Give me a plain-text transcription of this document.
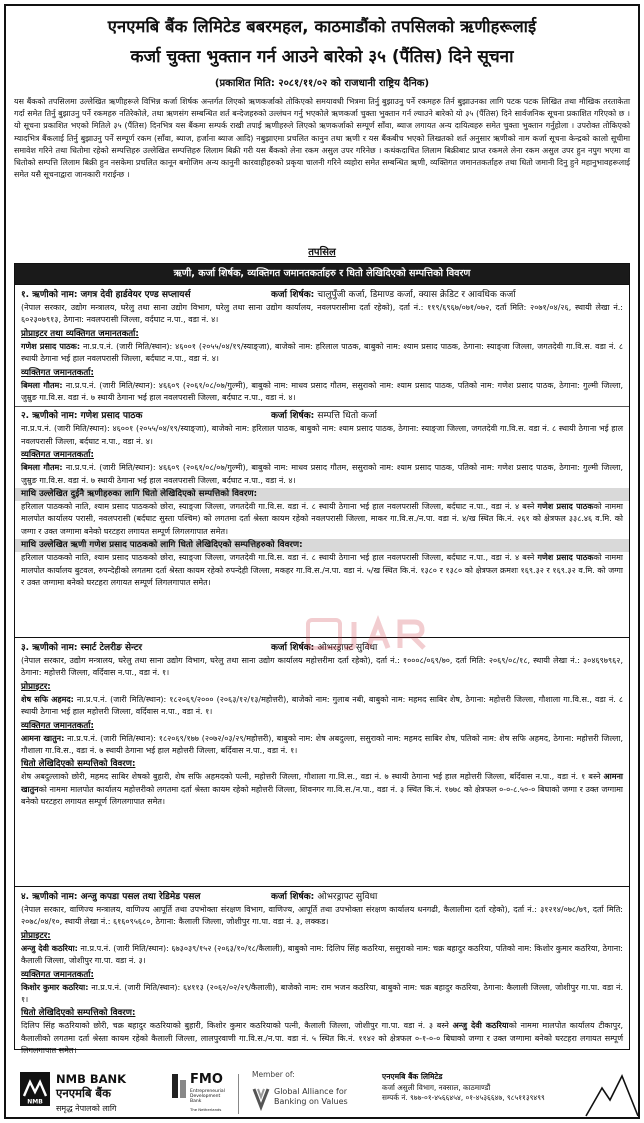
एनएमबि बैंक लिमिटेड बबरमहल, काठमाडौंको तपसिलको ऋणीहरूलाई
कर्जा चुक्ता भुक्तान गर्न आउने बारेको ३५ (पैंतिस) दिने सूचना
(प्रकाशित मिति: २०८१/११/०२ को राजधानी राष्ट्रिय दैनिक)
यस बैंकको तपसिलमा उल्लेखित ऋणीहरूले विभिन्न कर्जा शिर्षक अन्तर्गत लिएको ऋणकर्जाको तोकिएको समयावधी भित्रमा तिर्नु बुझाउनु पर्ने रकमहरु तिर्न बुझाउनका लागि पटक पटक लिखित तथा मौखिक तरताकेता गर्दा समेत तिर्नु बुझाउनु पर्ने रकमहरु नतिरेकोले, तथा ऋणसंग सम्बन्धित शर्त बन्देजहरुको उल्लंघन गर्नु भएकोले ऋणकर्जा चुक्ता भुक्तान गर्न ल्याउने बारेको यो ३५ (पैंतिस) दिने सार्वजनिक सूचना प्रकाशित गरिएको छ । यो सूचना प्रकाशित भएको मितिले ३५ (पैंतिस) दिनभित्र यस बैंकमा सम्पर्क राखी तपाई ऋणीहरुले लिएको ऋणकर्जाको सम्पूर्ण साँवा, ब्याज लगायत अन्य दायित्वहरु समेत चुक्ता भुक्तान गर्नुहोला । उपरोक्त तोकिएको म्यादभित्र बैंकलाई तिर्नु बुझाउनु पर्ने सम्पूर्ण रकम (साँवा, ब्याज, हर्जाना ब्याज आदि) नबुझाएमा प्रचलित कानुन तथा ऋणी र यस बैंकबीच भएको लिखतको शर्त अनुसार ऋणीको नाम कर्जा सूचना केन्द्रको कालो सूचीमा समावेश गरिने तथा धितोमा रहेको सम्पत्तिहरु उल्लेखित सम्पत्तिहरु लिलाम बिक्री गरी यस बैंकको लेना रकम असुल उपर गरिनेछ । कथंकदाचित लिलाम बिक्रीबाट प्राप्त रकमले लेना रकम असुल उपर हुन नपुग भएमा वा धितोको सम्पत्ति लिलाम बिक्री हुन नसकेमा प्रचलित कानून बमोजिम अन्य कानुनी कारवाहीहरुको प्रकृया चालनी गरिने व्यहोरा समेत सम्बन्धित ऋणी, व्यक्तिगत जमानतकर्ताहरु तथा धितो जमानी दिनु हुने महानुभावहरूलाई समेत यसै सूचनाद्वारा जानकारी गराईन्छ ।
तपसिल
ऋणी, कर्जा शिर्षक, व्यक्तिगत जमानतकर्ताहरु र धितो लेखिदिएको सम्पत्तिको विवरण
१. ऋणीको नाम: जगत्र देवी हार्डवेयर एण्ड सप्लायर्स	कर्जा शिर्षक: चालुपुँजी कर्जा, डिमाण्ड कर्जा, क्यास क्रेडिट र आवधिक कर्जा
(नेपाल सरकार, उद्योग मन्त्रालय, घरेलु तथा साना उद्योग विभाग, घरेलु तथा साना उद्योग कार्यालय, नवलपरासीमा दर्ता रहेको), दर्ता नं.: ११९/६९६७/०७१/०७२, दर्ता मिति: २०७१/०४/२६, स्थायी लेखा नं.: ६०२३०७९१३, ठेगाना: नवलपरासी जिल्ला, वर्दघाट न.पा., वडा नं. ४।
प्रोप्राइटर तथा व्यक्तिगत जमानतकर्ता:
गणेश प्रसाद पाठक: ना.प्र.प.नं. (जारी मिति/स्थान): ४६००१ (२०५५/०४/१९/स्याङ्जा), बाजेको नाम: हरिलाल पाठक, बाबुको नाम: श्याम प्रसाद पाठक, ठेगाना: स्याङ्जा जिल्ला, जगतदेवी गा.वि.स. वडा नं. ८ स्थायी ठेगाना भई हाल नवलपरासी जिल्ला, बर्दघाट न.पा., वडा नं. ४।
व्यक्तिगत जमानतकर्ता:
बिमला गौतम: ना.प्र.प.नं. (जारी मिति/स्थान): ४६६०९ (२०६१/०८/०७/गुल्मी), बाबुको नाम: माधव प्रसाद गौतम, ससुराको नाम: श्याम प्रसाद पाठक, पतिको नाम: गणेश प्रसाद पाठक, ठेगाना: गुल्मी जिल्ला, जुम्रुङ गा.वि.स. वडा नं. ७ स्थायी ठेगाना भई हाल नवलपरासी जिल्ला, बर्दघाट न.पा., वडा नं. ४।
२. ऋणीको नाम: गणेश प्रसाद पाठक	कर्जा शिर्षक: सम्पत्ति धितो कर्जा
ना.प्र.प.नं. (जारी मिति/स्थान): ४६००१ (२०५५/०४/१९/स्याङ्जा), बाजेको नाम: हरिलाल पाठक, बाबुको नाम: श्याम प्रसाद पाठक, ठेगाना: स्याङ्जा जिल्ला, जगतदेवी गा.वि.स. वडा नं. ८ स्थायी ठेगाना भई हाल नवलपरासी जिल्ला, बर्दघाट न.पा., वडा नं. ४।
व्यक्तिगत जमानतकर्ता:
बिमला गौतम: ना.प्र.प.नं. (जारी मिति/स्थान): ४६६०९ (२०६१/०८/०७/गुल्मी), बाबुको नाम: माधव प्रसाद गौतम, ससुराको नाम: श्याम प्रसाद पाठक, पतिको नाम: गणेश प्रसाद पाठक, ठेगाना: गुल्मी जिल्ला, जुम्रुङ गा.वि.स. वडा नं. ७ स्थायी ठेगाना भई हाल नवलपरासी जिल्ला, बर्दघाट न.पा., वडा नं. ४।
माथि उल्लेखित दुईनै ऋणीहरुका लागि धितो लेखिदिएको सम्पत्तिको विवरण:
हरिलाल पाठकको नाति, श्याम प्रसाद पाठकको छोरा, स्याङ्जा जिल्ला, जगतदेवी गा.वि.स. वडा नं. ८ स्थायी ठेगाना भई हाल नवलपरासी जिल्ला, बर्दघाट न.पा., वडा नं. ४ बस्ने गणेश प्रसाद पाठकको नाममा मालपोत कार्यालय परासी, नवलपरासी (बर्दघाट सुस्ता पश्चिम) को लगतमा दर्ता श्रेस्ता कायम रहेको नवलपरासी जिल्ला, माकर गा.वि.स./न.पा. वडा नं. ४/ख स्थित कि.नं. २६१ को क्षेत्रफल ३३८.४६ व.मि. को जग्गा र उक्त जग्गामा बनेको घरटहरा लगायत सम्पूर्ण लिगलगापात समेत।
माथि उल्लेखित ऋणी गणेश प्रसाद पाठकको लागि धितो लेखिदिएको सम्पत्तिहरुको विवरण:
हरिलाल पाठकको नाति, श्याम प्रसाद पाठकको छोरा, स्याङ्जा जिल्ला, जगतदेवी गा.वि.स. वडा नं. ८ स्थायी ठेगाना भई हाल नवलपरासी जिल्ला, बर्दघाट न.पा., वडा नं. ४ बस्ने गणेश प्रसाद पाठकको नाममा मालपोत कार्यालय बुटवल, रुपन्देहीको लगतमा दर्ता श्रेस्ता कायम रहेको रुपन्देही जिल्ला, मकहर गा.वि.स./न.पा. वडा नं. ५/ख स्थित कि.नं. १३८० र १३८० को क्षेत्रफल क्रमशः १६९.३२ र १६९.३२ व.मि. को जग्गा र उक्त जग्गामा बनेको घरटहरा लगायत सम्पूर्ण लिगलगापात समेत।
३. ऋणीको नाम: स्मार्ट टेलरीङ सेन्टर	कर्जा शिर्षक: ओभरड्राफ्ट सुविधा
(नेपाल सरकार, उद्योग मन्त्रालय, घरेलु तथा साना उद्योग विभाग, घरेलु तथा साना उद्योग कार्यालय महोत्तरीमा दर्ता रहेको), दर्ता नं.: १०००८/०६९/७०, दर्ता मिति: २०६९/०८/१८, स्थायी लेखा नं.: ३०४६९७९६२, ठेगाना: महोत्तरी जिल्ला, वर्दिवास न.पा., वडा नं. १।
प्रोप्राइटर:
शेष सफि अहमद: ना.प्र.प.नं. (जारी मिति/स्थान): १८२०६९/२००० (२०६३/१२/१३/महोत्तरी), बाजेको नाम: गुलाब नबी, बाबुको नाम: महमद साबिर शेष, ठेगाना: महोत्तरी जिल्ला, गौशाला गा.वि.स., वडा नं. ८ स्थायी ठेगाना भई हाल महोत्तरी जिल्ला, वर्दिवास न.पा., वडा नं. १।
व्यक्तिगत जमानतकर्ता:
आमना खातुन: ना.प्र.प.नं. (जारी मिति/स्थान): १८२०६९/१७७ (२०७२/०३/२९/महोत्तरी), बाबुको नाम: शेष अबदुल्ला, ससुराको नाम: महमद साबिर शेष, पतिको नाम: शेष सफि अहमद, ठेगाना: महोत्तरी जिल्ला, गौशाला गा.वि.स., वडा नं. ७ स्थायी ठेगाना भई हाल महोत्तरी जिल्ला, बर्दिवास न.पा., वडा नं. १।
धितो लेखिदिएको सम्पत्तिको विवरण:
शेष अबदुल्लाको छोरी, महमद साबिर शेषको बुहारी, शेष सफि अहमदको पत्नी, महोत्तरी जिल्ला, गौशाला गा.वि.स., वडा नं. ७ स्थायी ठेगाना भई हाल महोत्तरी जिल्ला, बर्दिवास न.पा., वडा नं. १ बस्ने आमना खातुनको नाममा मालपोत कार्यालय महोत्तरीको लगतमा दर्ता श्रेस्ता कायम रहेको महोत्तरी जिल्ला, शिवनगर गा.वि.स./न.पा., वडा नं. ३ स्थित कि.नं. १७७८ को क्षेत्रफल ०-०-८.५०-० बिघाको जग्गा र उक्त जग्गामा बनेको घरटहरा लगायत सम्पूर्ण लिगलगापात समेत।
४. ऋणीको नाम: अन्जु कपडा पसल तथा रेडिमेड पसल	कर्जा शिर्षक: ओभरड्राफ्ट सुविधा
(नेपाल सरकार, वाणिज्य मन्त्रालय, वाणिज्य आपूर्ति तथा उपभोक्ता संरक्षण विभाग, वाणिज्य, आपूर्ति तथा उपभोक्ता संरक्षण कार्यालय धनगढी, कैलालीमा दर्ता रहेको), दर्ता नं.: ३१२१४/०७८/७९, दर्ता मिति: २०७८/०४/१०, स्थायी लेखा नं.: ६१६०९५६८०, ठेगाना: कैलाली जिल्ला, जोशीपुर गा.पा. वडा नं. ३, लक्कड।
प्रोप्राइटर:
अन्जु देवी कठरिया: ना.प्र.प.नं. (जारी मिति/स्थान): ६७३०३९/१५२ (२०६३/१०/१८/कैलाली), बाबुको नाम: दिलिप सिंह कठरिया, ससुराको नाम: चक्र बहादुर कठरिया, पतिको नाम: किशोर कुमार कठरिया, ठेगाना: कैलाली जिल्ला, जोशीपुर गा.पा. वडा नं. ३।
व्यक्तिगत जमानतकर्ता:
किशोर कुमार कठरिया: ना.प्र.प.नं. (जारी मिति/स्थान): ६४११३ (२०६२/०२/२९/कैलाली), बाजेको नाम: राम भजन कठरिया, बाबुको नाम: चक्र बहादुर कठरिया, ठेगाना: कैलाली जिल्ला, जोशीपुर गा.पा. वडा नं. १।
धितो लेखिदिएको सम्पत्तिको विवरण:
दिलिप सिंह कठरियाको छोरी, चक्र बहादुर कठरियाको बुहारी, किशोर कुमार कठरियाको पत्नी, कैलाली जिल्ला, जोशीपुर गा.पा. वडा नं. ३ बस्ने अन्जु देवी कठरियाको नाममा मालपोत कार्यालय टीकापुर, कैलालीको लगतमा दर्ता श्रेस्ता कायम रहेको कैलाली जिल्ला, लालपुरवाणी गा.वि.स./न.पा. वडा नं. ५ स्थित कि.नं. ११४२ को क्षेत्रफल ०-१-०-० बिघाको जग्गा र उक्त जग्गामा बनेको घरटहरा लगायत सम्पूर्ण लिगलगापात समेत।
NMB
NMB BANK
एनएमबि बैंक
समृद्ध नेपालको लागि
FMO
Entrepreneurial Development Bank
The Netherlands
Member of:
Global Alliance for
Banking on Values
एनएमबि बैंक लिमिटेड
कर्जा असुली विभाग, नक्साल, काठमाण्डौं
सम्पर्क नं. ९७७-०१-४५६६४५४, ०१-४५३६६४७, ९८५११३९४९९
